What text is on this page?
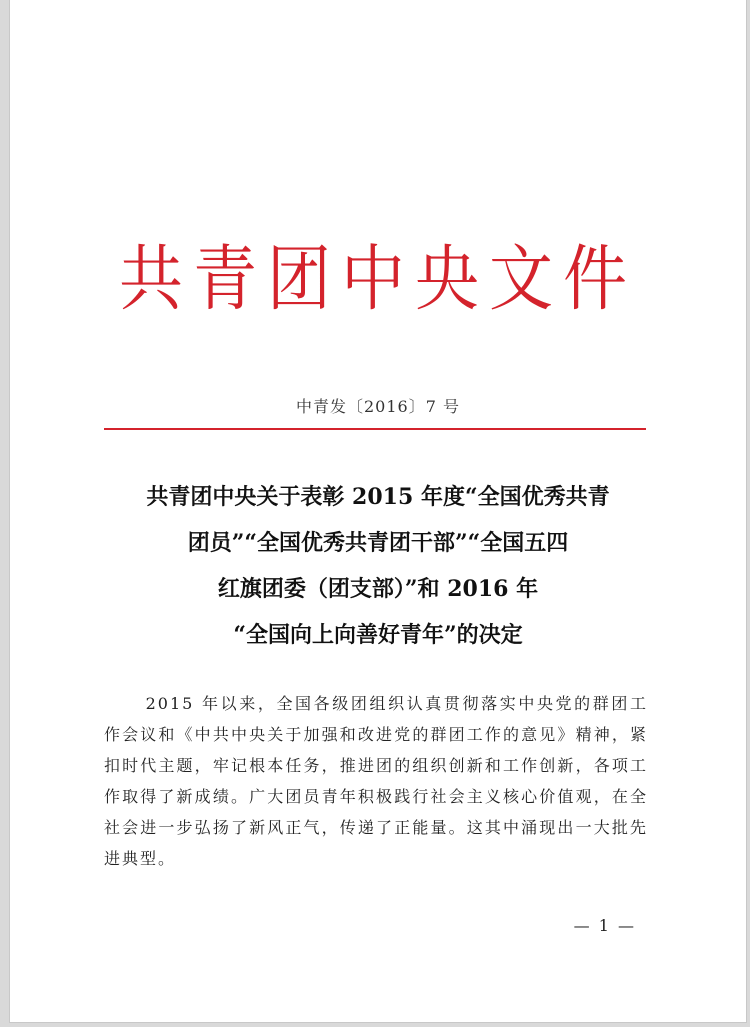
共青团中央文件
中青发〔2016〕7 号
共青团中央关于表彰 2015 年度“全国优秀共青
团员”“全国优秀共青团干部”“全国五四
红旗团委（团支部）”和 2016 年
“全国向上向善好青年”的决定
2015 年以来，全国各级团组织认真贯彻落实中央党的群团工作会议和《中共中央关于加强和改进党的群团工作的意见》精神，紧扣时代主题，牢记根本任务，推进团的组织创新和工作创新，各项工作取得了新成绩。广大团员青年积极践行社会主义核心价值观，在全社会进一步弘扬了新风正气，传递了正能量。这其中涌现出一大批先进典型。
— 1 —
